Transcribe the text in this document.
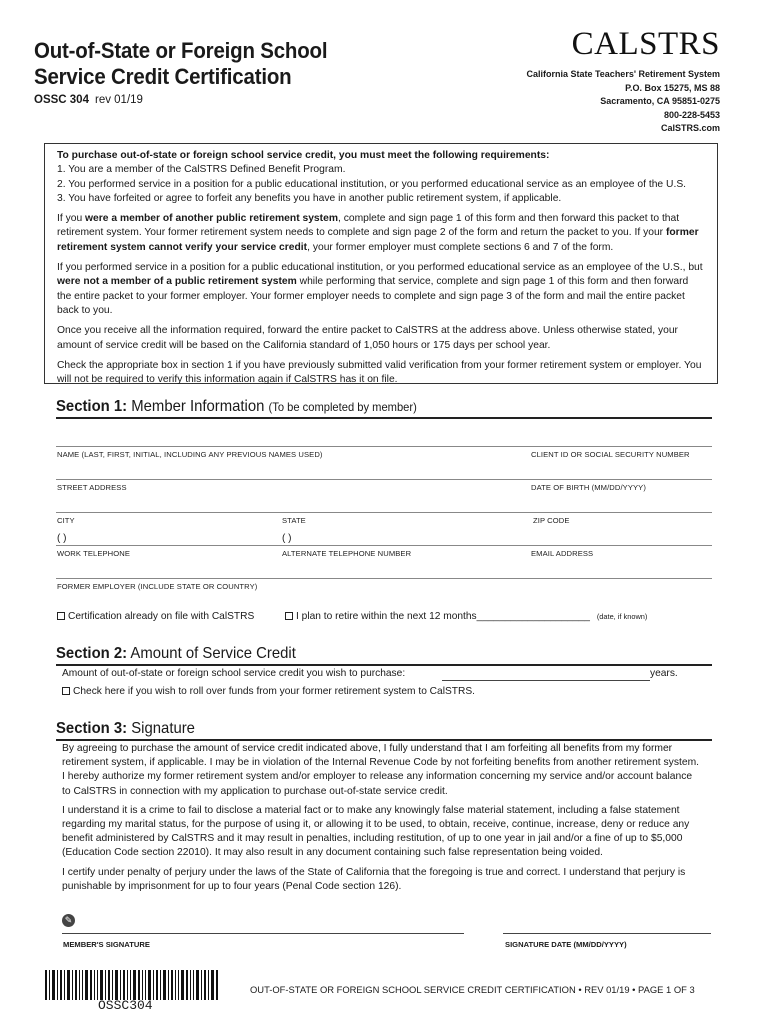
Out-of-State or Foreign School
Service Credit Certification
OSSC 304 rev 01/19
CALSTRS
California State Teachers' Retirement System
P.O. Box 15275, MS 88
Sacramento, CA 95851-0275
800-228-5453
CalSTRS.com

To purchase out-of-state or foreign school service credit, you must meet the following requirements:

1. You are a member of the CalSTRS Defined Benefit Program.

2. You performed service in a position for a public educational institution, or you performed educational service as an employee of the U.S.

3. You have forfeited or agree to forfeit any benefits you have in another public retirement system, if applicable.

If you were a member of another public retirement system, complete and sign page 1 of this form and then forward this packet to that retirement system. Your former retirement system needs to complete and sign page 2 of the form and return the packet to you. If your former retirement system cannot verify your service credit, your former employer must complete sections 6 and 7 of the form.

If you performed service in a position for a public educational institution, or you performed educational service as an employee of the U.S., but were not a member of a public retirement system while performing that service, complete and sign page 1 of this form and then forward the entire packet to your former employer. Your former employer needs to complete and sign page 3 of the form and mail the entire packet back to you.

Once you receive all the information required, forward the entire packet to CalSTRS at the address above. Unless otherwise stated, your amount of service credit will be based on the California standard of 1,050 hours or 175 days per school year.

Check the appropriate box in section 1 if you have previously submitted valid verification from your former retirement system or employer. You will not be required to verify this information again if CalSTRS has it on file.

Section 1: Member Information (To be completed by member)
NAME (LAST, FIRST, INITIAL, INCLUDING ANY PREVIOUS NAMES USED)	CLIENT ID OR SOCIAL SECURITY NUMBER
STREET ADDRESS	DATE OF BIRTH (MM/DD/YYYY)
CITY	STATE	ZIP CODE
( )	( )
WORK TELEPHONE	ALTERNATE TELEPHONE NUMBER	EMAIL ADDRESS
FORMER EMPLOYER (INCLUDE STATE OR COUNTRY)
Certification already on file with CalSTRS	I plan to retire within the next 12 months____________________ (date, if known)
Section 2: Amount of Service Credit
Amount of out-of-state or foreign school service credit you wish to purchase:	years.
Check here if you wish to roll over funds from your former retirement system to CalSTRS.
Section 3: Signature

By agreeing to purchase the amount of service credit indicated above, I fully understand that I am forfeiting all benefits from my former retirement system, if applicable. I may be in violation of the Internal Revenue Code by not forfeiting benefits from another retirement system. I hereby authorize my former retirement system and/or employer to release any information concerning my service and/or account balance to CalSTRS in connection with my application to purchase out-of-state service credit.

I understand it is a crime to fail to disclose a material fact or to make any knowingly false material statement, including a false statement regarding my marital status, for the purpose of using it, or allowing it to be used, to obtain, receive, continue, increase, deny or reduce any benefit administered by CalSTRS and it may result in penalties, including restitution, of up to one year in jail and/or a fine of up to $5,000 (Education Code section 22010). It may also result in any document containing such false representation being voided.

I certify under penalty of perjury under the laws of the State of California that the foregoing is true and correct. I understand that perjury is punishable by imprisonment for up to four years (Penal Code section 126).

✎
MEMBER'S SIGNATURE	SIGNATURE DATE (MM/DD/YYYY)
OSSC304
OUT-OF-STATE OR FOREIGN SCHOOL SERVICE CREDIT CERTIFICATION • REV 01/19 • PAGE 1 OF 3
